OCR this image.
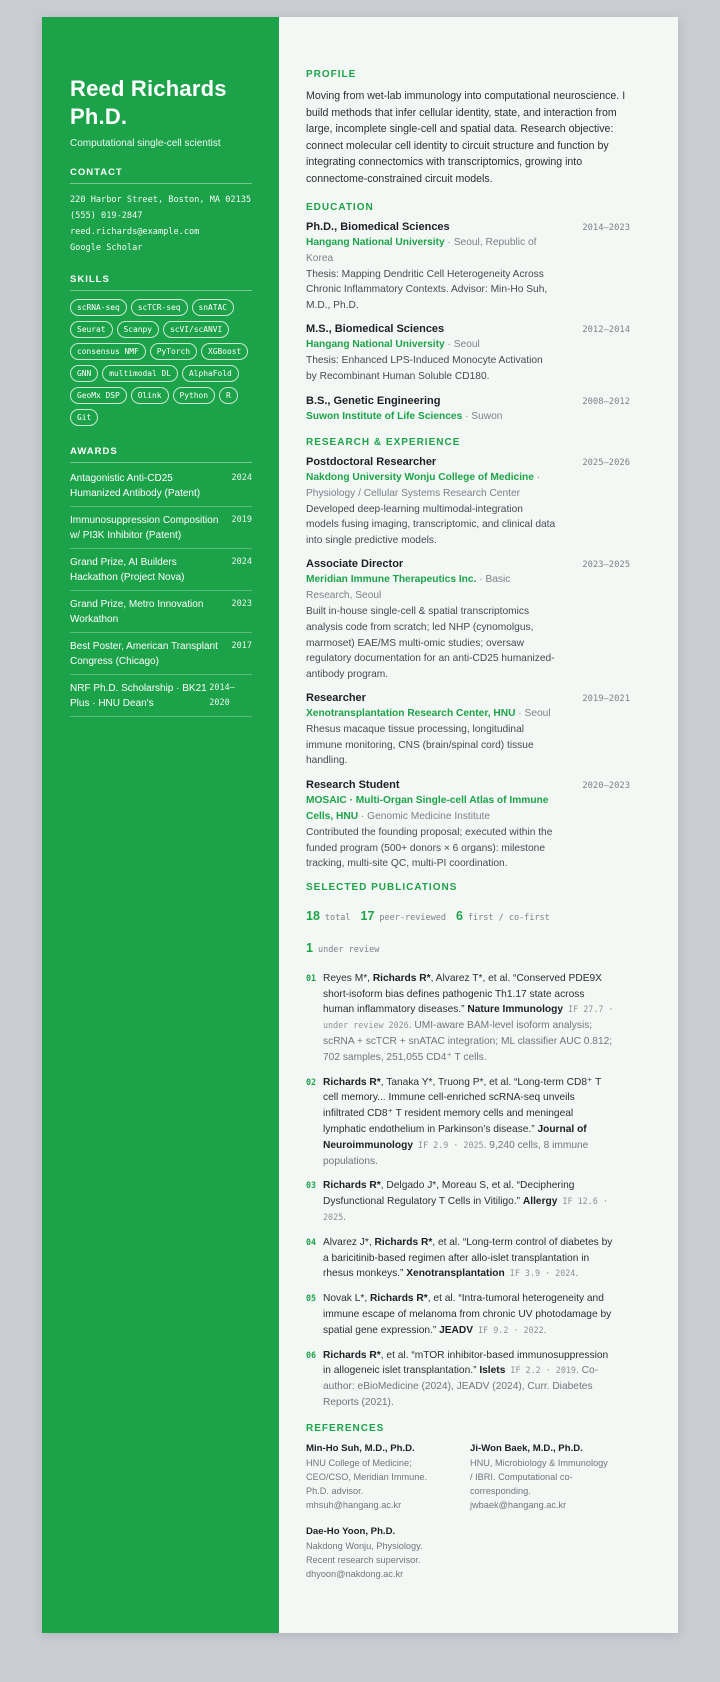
Reed Richards
Ph.D.
Computational single-cell scientist
CONTACT
220 Harbor Street, Boston, MA 02135
(555) 019-2847
reed.richards@example.com
Google Scholar
SKILLS
scRNA-seq	scTCR-seq	snATAC
Seurat	Scanpy	scVI/scANVI
consensus NMF	PyTorch	XGBoost
GNN	multimodal DL	AlphaFold
GeoMx DSP	Olink	Python	R
Git
AWARDS
Antagonistic Anti-CD25 Humanized Antibody (Patent)
2024
Immunosuppression Composition w/ PI3K Inhibitor (Patent)
2019
Grand Prize, AI Builders Hackathon (Project Nova)
2024
Grand Prize, Metro Innovation Workathon
2023
Best Poster, American Transplant Congress (Chicago)
2017
NRF Ph.D. Scholarship · BK21 Plus · HNU Dean's
2014–2020
PROFILE
Moving from wet-lab immunology into computational neuroscience. I build methods that infer cellular identity, state, and interaction from large, incomplete single-cell and spatial data. Research objective: connect molecular cell identity to circuit structure and function by integrating connectomics with transcriptomics, growing into connectome-constrained circuit models.
EDUCATION
Ph.D., Biomedical Sciences	2014–2023
Hangang National University · Seoul, Republic of Korea
Thesis: Mapping Dendritic Cell Heterogeneity Across Chronic Inflammatory Contexts. Advisor: Min-Ho Suh, M.D., Ph.D.
M.S., Biomedical Sciences	2012–2014
Hangang National University · Seoul
Thesis: Enhanced LPS-Induced Monocyte Activation by Recombinant Human Soluble CD180.
B.S., Genetic Engineering	2008–2012
Suwon Institute of Life Sciences · Suwon
RESEARCH & EXPERIENCE
Postdoctoral Researcher	2025–2026
Nakdong University Wonju College of Medicine · Physiology / Cellular Systems Research Center
Developed deep-learning multimodal-integration models fusing imaging, transcriptomic, and clinical data into single predictive models.
Associate Director	2023–2025
Meridian Immune Therapeutics Inc. · Basic Research, Seoul
Built in-house single-cell & spatial transcriptomics analysis code from scratch; led NHP (cynomolgus, marmoset) EAE/MS multi-omic studies; oversaw regulatory documentation for an anti-CD25 humanized-antibody program.
Researcher	2019–2021
Xenotransplantation Research Center, HNU · Seoul
Rhesus macaque tissue processing, longitudinal immune monitoring, CNS (brain/spinal cord) tissue handling.
Research Student	2020–2023
MOSAIC · Multi-Organ Single-cell Atlas of Immune Cells, HNU · Genomic Medicine Institute
Contributed the founding proposal; executed within the funded program (500+ donors × 6 organs): milestone tracking, multi-site QC, multi-PI coordination.
SELECTED PUBLICATIONS
18 total 17 peer-reviewed 6 first / co-first
1 under review
01 Reyes M*, Richards R*, Alvarez T*, et al. “Conserved PDE9X short-isoform bias defines pathogenic Th1.17 state across human inflammatory diseases.” Nature Immunology IF 27.7 · under review 2026. UMI-aware BAM-level isoform analysis; scRNA + scTCR + snATAC integration; ML classifier AUC 0.812; 702 samples, 251,055 CD4⁺ T cells.
02 Richards R*, Tanaka Y*, Truong P*, et al. “Long-term CD8⁺ T cell memory... Immune cell-enriched scRNA-seq unveils infiltrated CD8⁺ T resident memory cells and meningeal lymphatic endothelium in Parkinson’s disease.” Journal of Neuroimmunology IF 2.9 · 2025. 9,240 cells, 8 immune populations.
03 Richards R*, Delgado J*, Moreau S, et al. “Deciphering Dysfunctional Regulatory T Cells in Vitiligo.” Allergy IF 12.6 · 2025.
04 Alvarez J*, Richards R*, et al. “Long-term control of diabetes by a baricitinib-based regimen after allo-islet transplantation in rhesus monkeys.” Xenotransplantation IF 3.9 · 2024.
05 Novak L*, Richards R*, et al. “Intra-tumoral heterogeneity and immune escape of melanoma from chronic UV photodamage by spatial gene expression.” JEADV IF 9.2 · 2022.
06 Richards R*, et al. “mTOR inhibitor-based immunosuppression in allogeneic islet transplantation.” Islets IF 2.2 · 2019. Co-author: eBioMedicine (2024), JEADV (2024), Curr. Diabetes Reports (2021).
REFERENCES
Min-Ho Suh, M.D., Ph.D.
HNU College of Medicine;
CEO/CSO, Meridian Immune.
Ph.D. advisor.
mhsuh@hangang.ac.kr
Ji-Won Baek, M.D., Ph.D.
HNU, Microbiology & Immunology
/ IBRI. Computational co-
corresponding.
jwbaek@hangang.ac.kr
Dae-Ho Yoon, Ph.D.
Nakdong Wonju, Physiology.
Recent research supervisor.
dhyoon@nakdong.ac.kr
